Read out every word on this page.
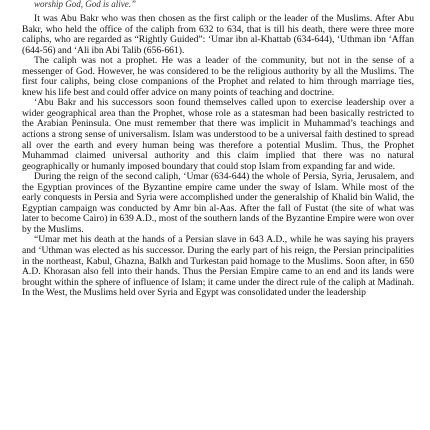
worship God, God is alive.”

It was Abu Bakr who was then chosen as the first caliph or the leader of the Muslims. After Abu Bakr, who held the office of the caliph from 632 to 634, that is till his death, there were three more caliphs, who are regarded as “Rightly Guided”: ‘Umar ibn al-Khattab (634-644), ‘Uthman ibn ‘Affan (644-56) and ‘Ali ibn Abi Talib (656-661).

The caliph was not a prophet. He was a leader of the community, but not in the sense of a messenger of God. However, he was considered to be the religious authority by all the Muslims. The first four caliphs, being close companions of the Prophet and related to him through marriage ties, knew his life best and could offer advice on many points of teaching and doctrine.

‘Abu Bakr and his successors soon found themselves called upon to exercise leadership over a wider geographical area than the Prophet, whose role as a statesman had been basically restricted to the Arabian Peninsula. One must remember that there was implicit in Muhammad’s teachings and actions a strong sense of universalism. Islam was understood to be a universal faith destined to spread all over the earth and every human being was therefore a potential Muslim. Thus, the Prophet Muhammad claimed universal authority and this claim implied that there was no natural geographically or humanly imposed boundary that could stop Islam from expanding far and wide.

During the reign of the second caliph, ‘Umar (634-644) the whole of Persia, Syria, Jerusalem, and the Egyptian provinces of the Byzantine empire came under the sway of Islam. While most of the early conquests in Persia and Syria were accomplished under the generalship of Khalid bin Walid, the Egyptian campaign was conducted by Amr bin al-Aas. After the fall of Fustat (the site of what was later to become Cairo) in 639 A.D., most of the southern lands of the Byzantine Empire were won over by the Muslims.

“Umar met his death at the hands of a Persian slave in 643 A.D., while he was saying his prayers and ‘Uthman was elected as his successor. During the early part of his reign, the Persian principalities in the northeast, Kabul, Ghazna, Balkh and Turkestan paid homage to the Muslims. Soon after, in 650 A.D. Khorasan also fell into their hands. Thus the Persian Empire came to an end and its lands were brought within the sphere of influence of Islam; it came under the direct rule of the caliph at Madinah. In the West, the Muslims held over Syria and Egypt was consolidated under the leadership
